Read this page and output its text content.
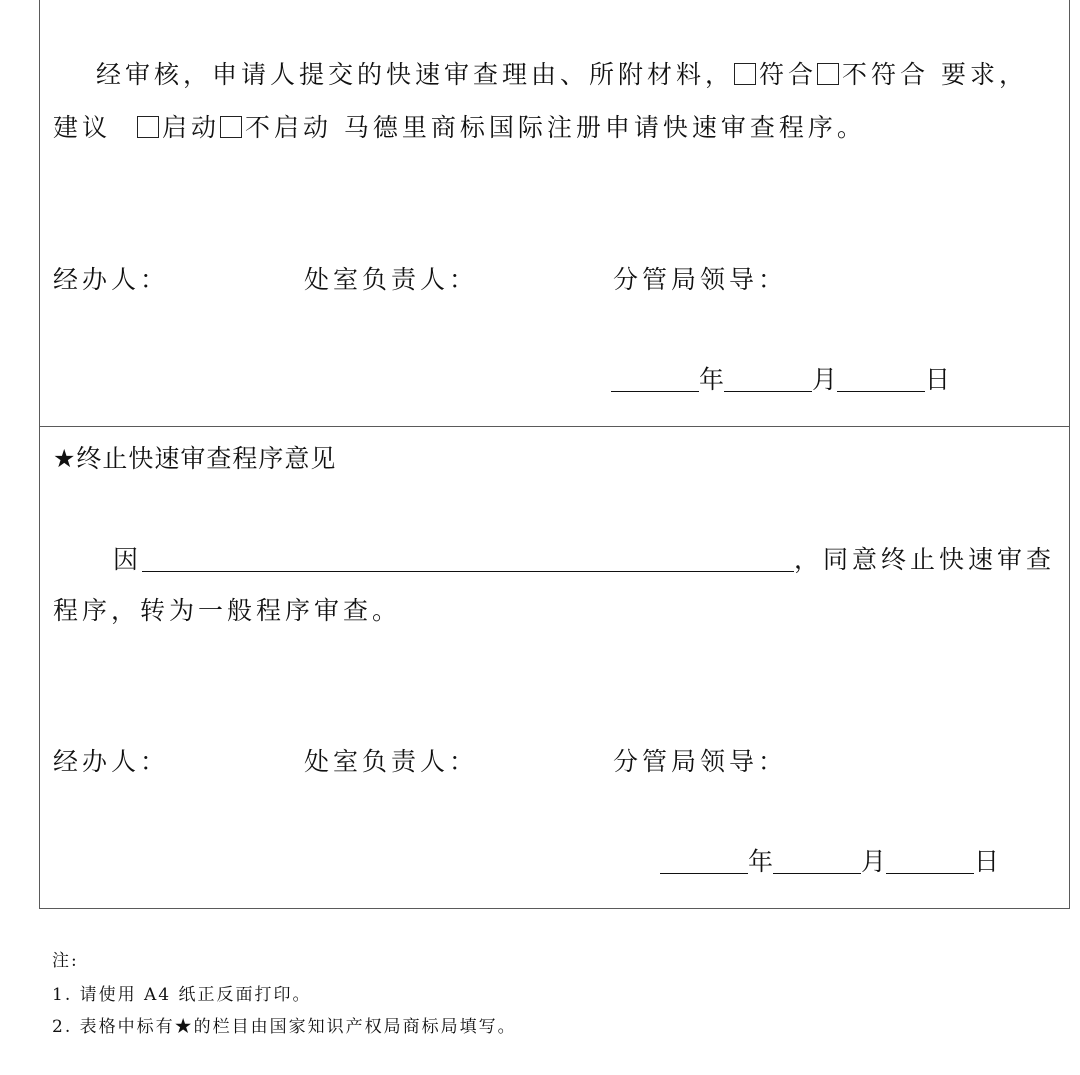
经审核，申请人提交的快速审查理由、所附材料， 符合 不符合 要求，
建议 启动 不启动 马德里商标国际注册申请快速审查程序。
经办人：	处室负责人：	分管局领导：
年	月	日
★终止快速审查程序意见
因	，同意终止快速审查
程序，转为一般程序审查。
经办人：	处室负责人：	分管局领导：
年	月	日
注:
1. 请使用 A4 纸正反面打印。
2. 表格中标有★的栏目由国家知识产权局商标局填写。
